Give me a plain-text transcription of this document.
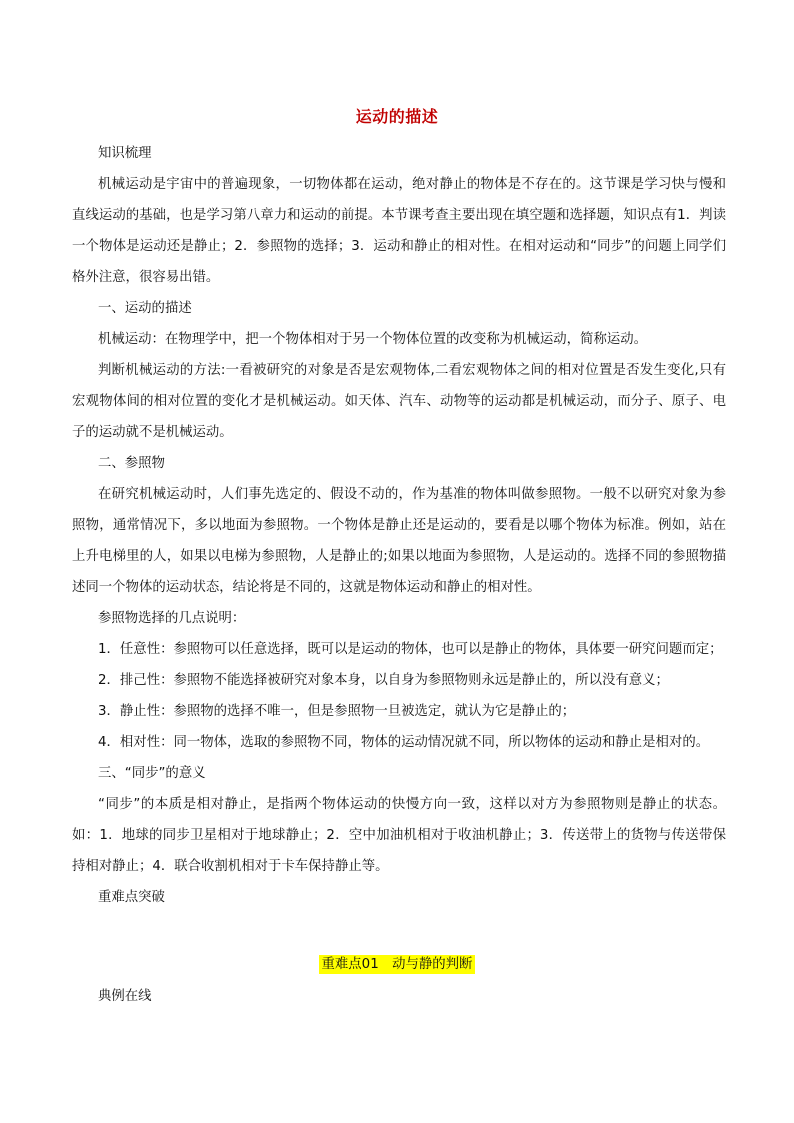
运动的描述

知识梳理

机械运动是宇宙中的普遍现象，一切物体都在运动，绝对静止的物体是不存在的。这节课是学习快与慢和直线运动的基础，也是学习第八章力和运动的前提。本节课考查主要出现在填空题和选择题，知识点有1．判读一个物体是运动还是静止；2．参照物的选择；3．运动和静止的相对性。在相对运动和“同步”的问题上同学们格外注意，很容易出错。

一、运动的描述

机械运动：在物理学中，把一个物体相对于另一个物体位置的改变称为机械运动，简称运动。

判断机械运动的方法:一看被研究的对象是否是宏观物体,二看宏观物体之间的相对位置是否发生变化,只有宏观物体间的相对位置的变化才是机械运动。如天体、汽车、动物等的运动都是机械运动，而分子、原子、电子的运动就不是机械运动。

二、参照物

在研究机械运动时，人们事先选定的、假设不动的，作为基准的物体叫做参照物。一般不以研究对象为参照物，通常情况下，多以地面为参照物。一个物体是静止还是运动的，要看是以哪个物体为标准。例如，站在上升电梯里的人，如果以电梯为参照物，人是静止的;如果以地面为参照物，人是运动的。选择不同的参照物描述同一个物体的运动状态，结论将是不同的，这就是物体运动和静止的相对性。

参照物选择的几点说明：

1．任意性：参照物可以任意选择，既可以是运动的物体，也可以是静止的物体，具体要一研究问题而定；

2．排己性：参照物不能选择被研究对象本身，以自身为参照物则永远是静止的，所以没有意义；

3．静止性：参照物的选择不唯一，但是参照物一旦被选定，就认为它是静止的；

4．相对性：同一物体，选取的参照物不同，物体的运动情况就不同，所以物体的运动和静止是相对的。

三、“同步”的意义

“同步”的本质是相对静止，是指两个物体运动的快慢方向一致，这样以对方为参照物则是静止的状态。如：1．地球的同步卫星相对于地球静止；2．空中加油机相对于收油机静止；3．传送带上的货物与传送带保持相对静止；4．联合收割机相对于卡车保持静止等。

重难点突破

重难点01　动与静的判断
典例在线
